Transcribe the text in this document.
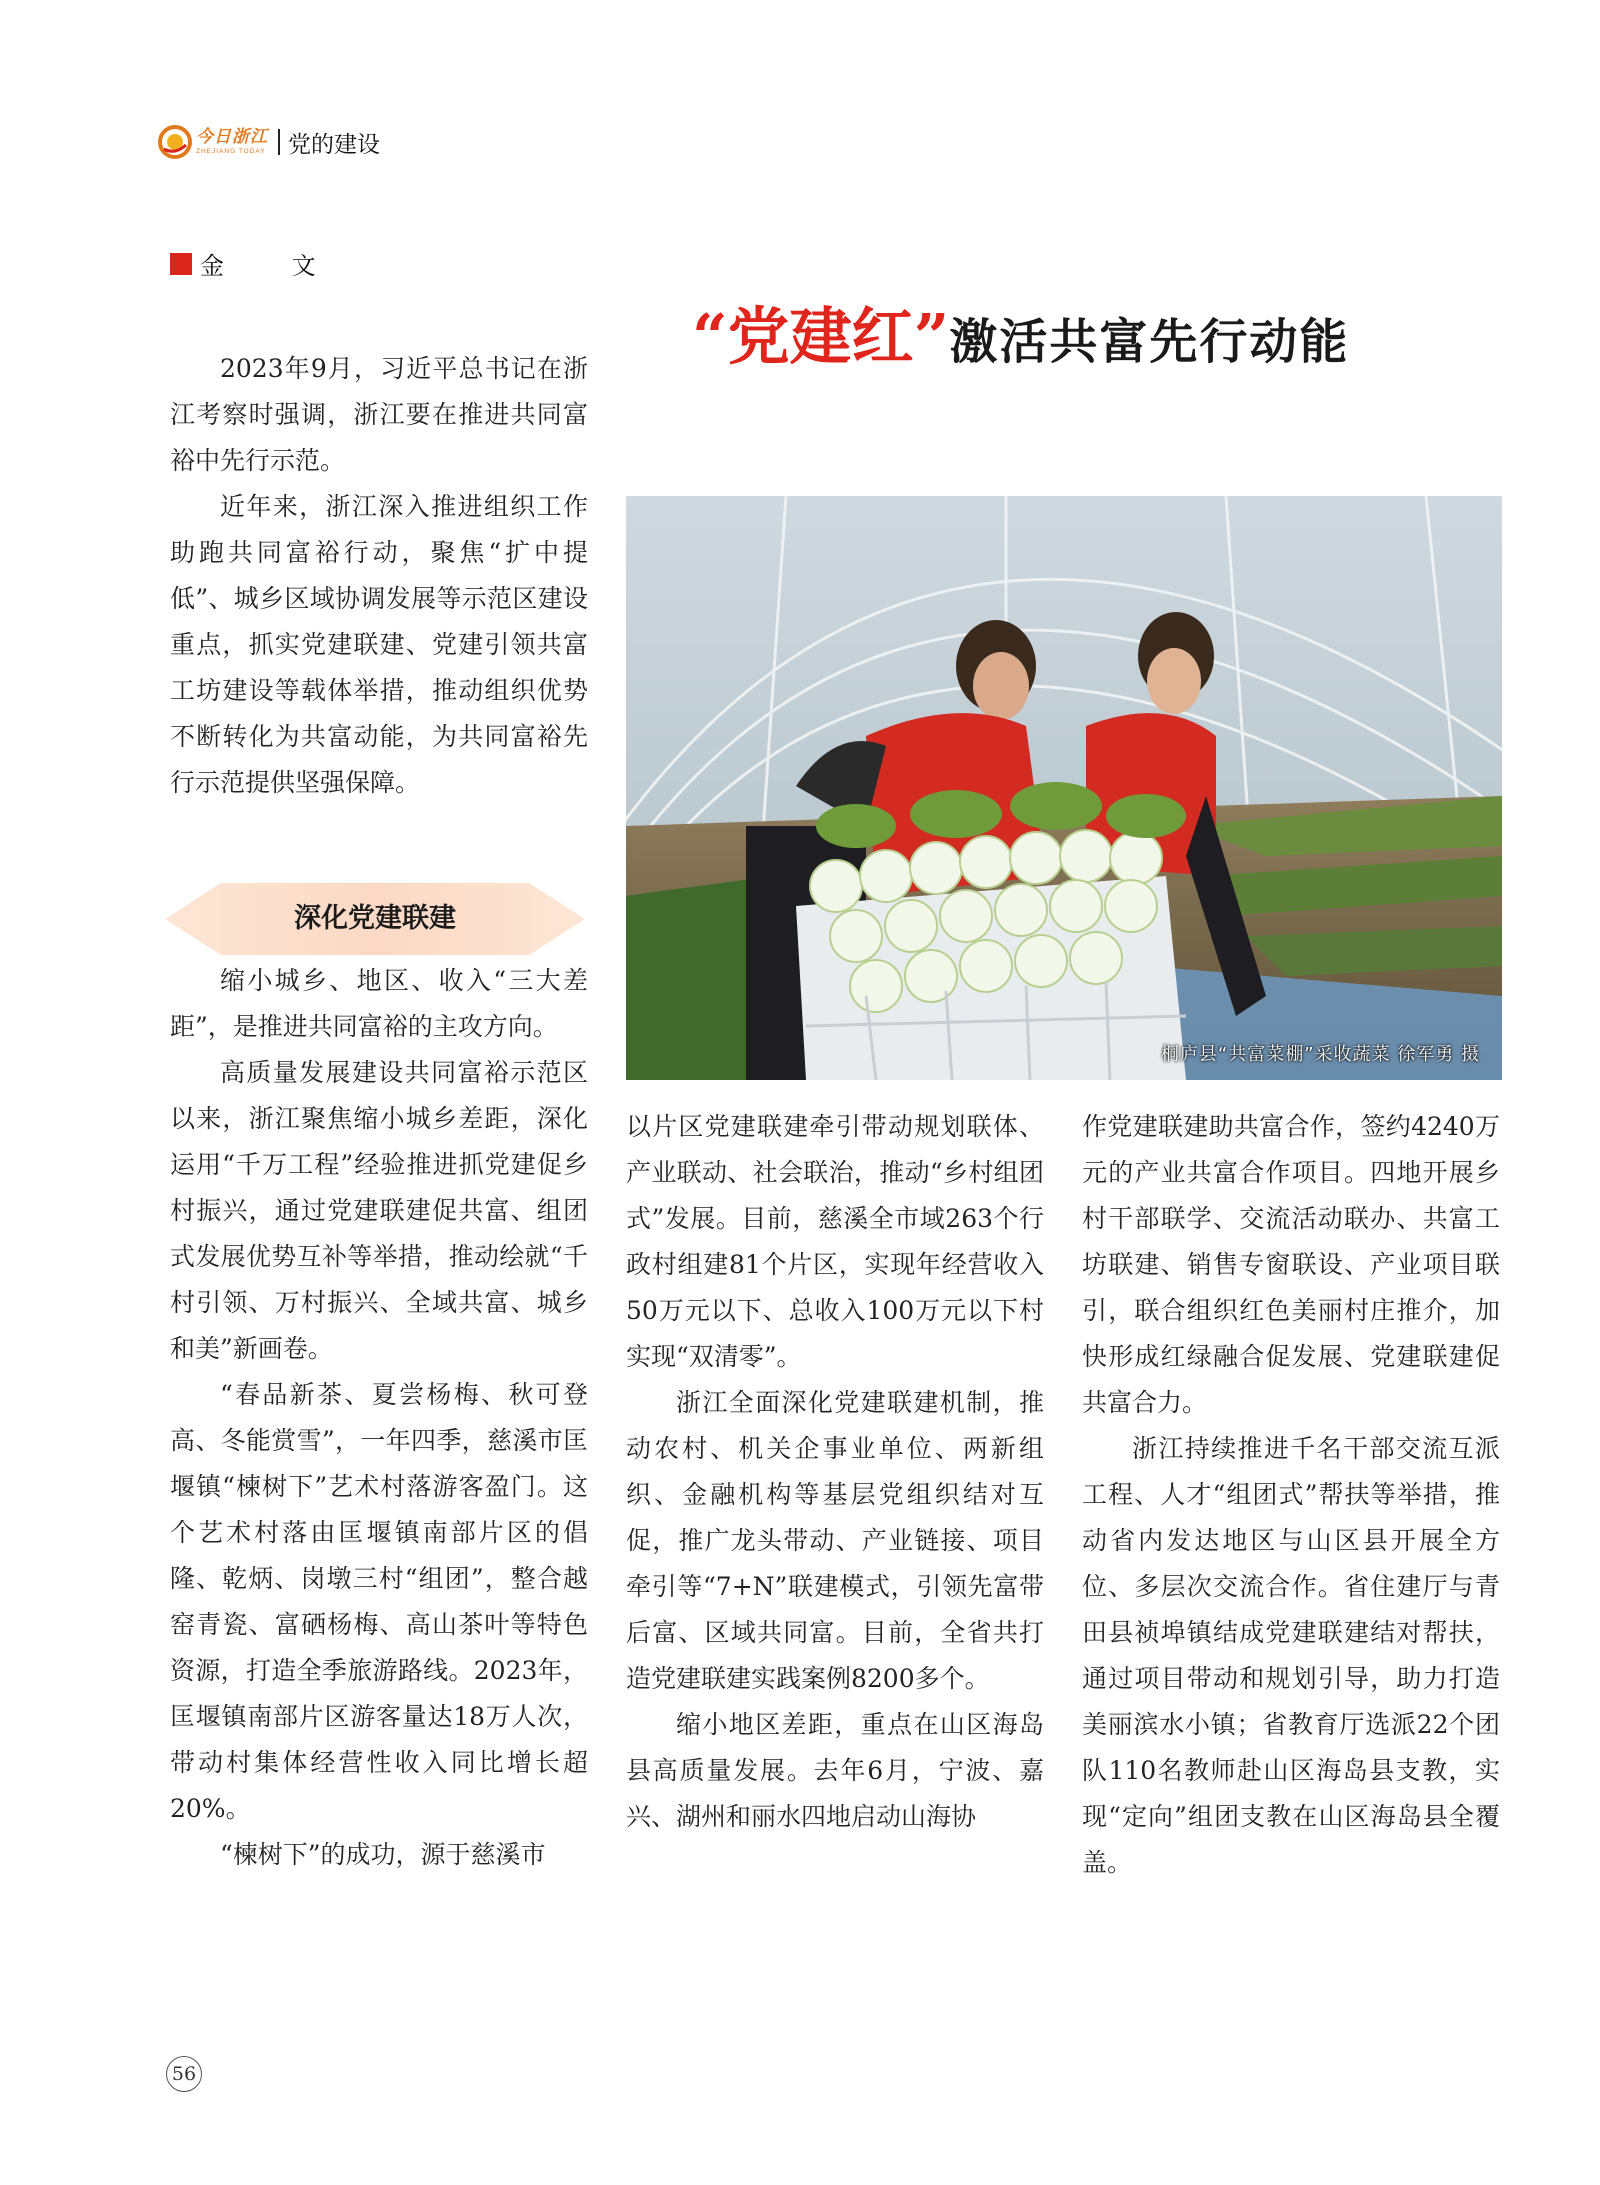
今日浙江
ZHEJIANG TODAY 党的建设
金 文
“党建红”激活共富先行动能

2023年9月，习近平总书记在浙江考察时强调，浙江要在推进共同富裕中先行示范。

近年来，浙江深入推进组织工作助跑共同富裕行动，聚焦“扩中提低”、城乡区域协调发展等示范区建设重点，抓实党建联建、党建引领共富工坊建设等载体举措，推动组织优势不断转化为共富动能，为共同富裕先行示范提供坚强保障。

深化党建联建

缩小城乡、地区、收入“三大差距”，是推进共同富裕的主攻方向。

高质量发展建设共同富裕示范区以来，浙江聚焦缩小城乡差距，深化运用“千万工程”经验推进抓党建促乡村振兴，通过党建联建促共富、组团式发展优势互补等举措，推动绘就“千村引领、万村振兴、全域共富、城乡和美”新画卷。

“春品新茶、夏尝杨梅、秋可登高、冬能赏雪”，一年四季，慈溪市匡堰镇“楝树下”艺术村落游客盈门。这个艺术村落由匡堰镇南部片区的倡隆、乾炳、岗墩三村“组团”，整合越窑青瓷、富硒杨梅、高山茶叶等特色资源，打造全季旅游路线。2023年，匡堰镇南部片区游客量达18万人次，带动村集体经营性收入同比增长超20%。

“楝树下”的成功，源于慈溪市

桐庐县“共富菜棚”采收蔬菜 徐军勇 摄

以片区党建联建牵引带动规划联体、产业联动、社会联治，推动“乡村组团式”发展。目前，慈溪全市域263个行政村组建81个片区，实现年经营收入50万元以下、总收入100万元以下村实现“双清零”。

浙江全面深化党建联建机制，推动农村、机关企事业单位、两新组织、金融机构等基层党组织结对互促，推广龙头带动、产业链接、项目牵引等“7+N”联建模式，引领先富带后富、区域共同富。目前，全省共打造党建联建实践案例8200多个。

缩小地区差距，重点在山区海岛县高质量发展。去年6月，宁波、嘉兴、湖州和丽水四地启动山海协

作党建联建助共富合作，签约4240万元的产业共富合作项目。四地开展乡村干部联学、交流活动联办、共富工坊联建、销售专窗联设、产业项目联引，联合组织红色美丽村庄推介，加快形成红绿融合促发展、党建联建促共富合力。

浙江持续推进千名干部交流互派工程、人才“组团式”帮扶等举措，推动省内发达地区与山区县开展全方位、多层次交流合作。省住建厅与青田县祯埠镇结成党建联建结对帮扶，通过项目带动和规划引导，助力打造美丽滨水小镇；省教育厅选派22个团队110名教师赴山区海岛县支教，实现“定向”组团支教在山区海岛县全覆盖。

56
